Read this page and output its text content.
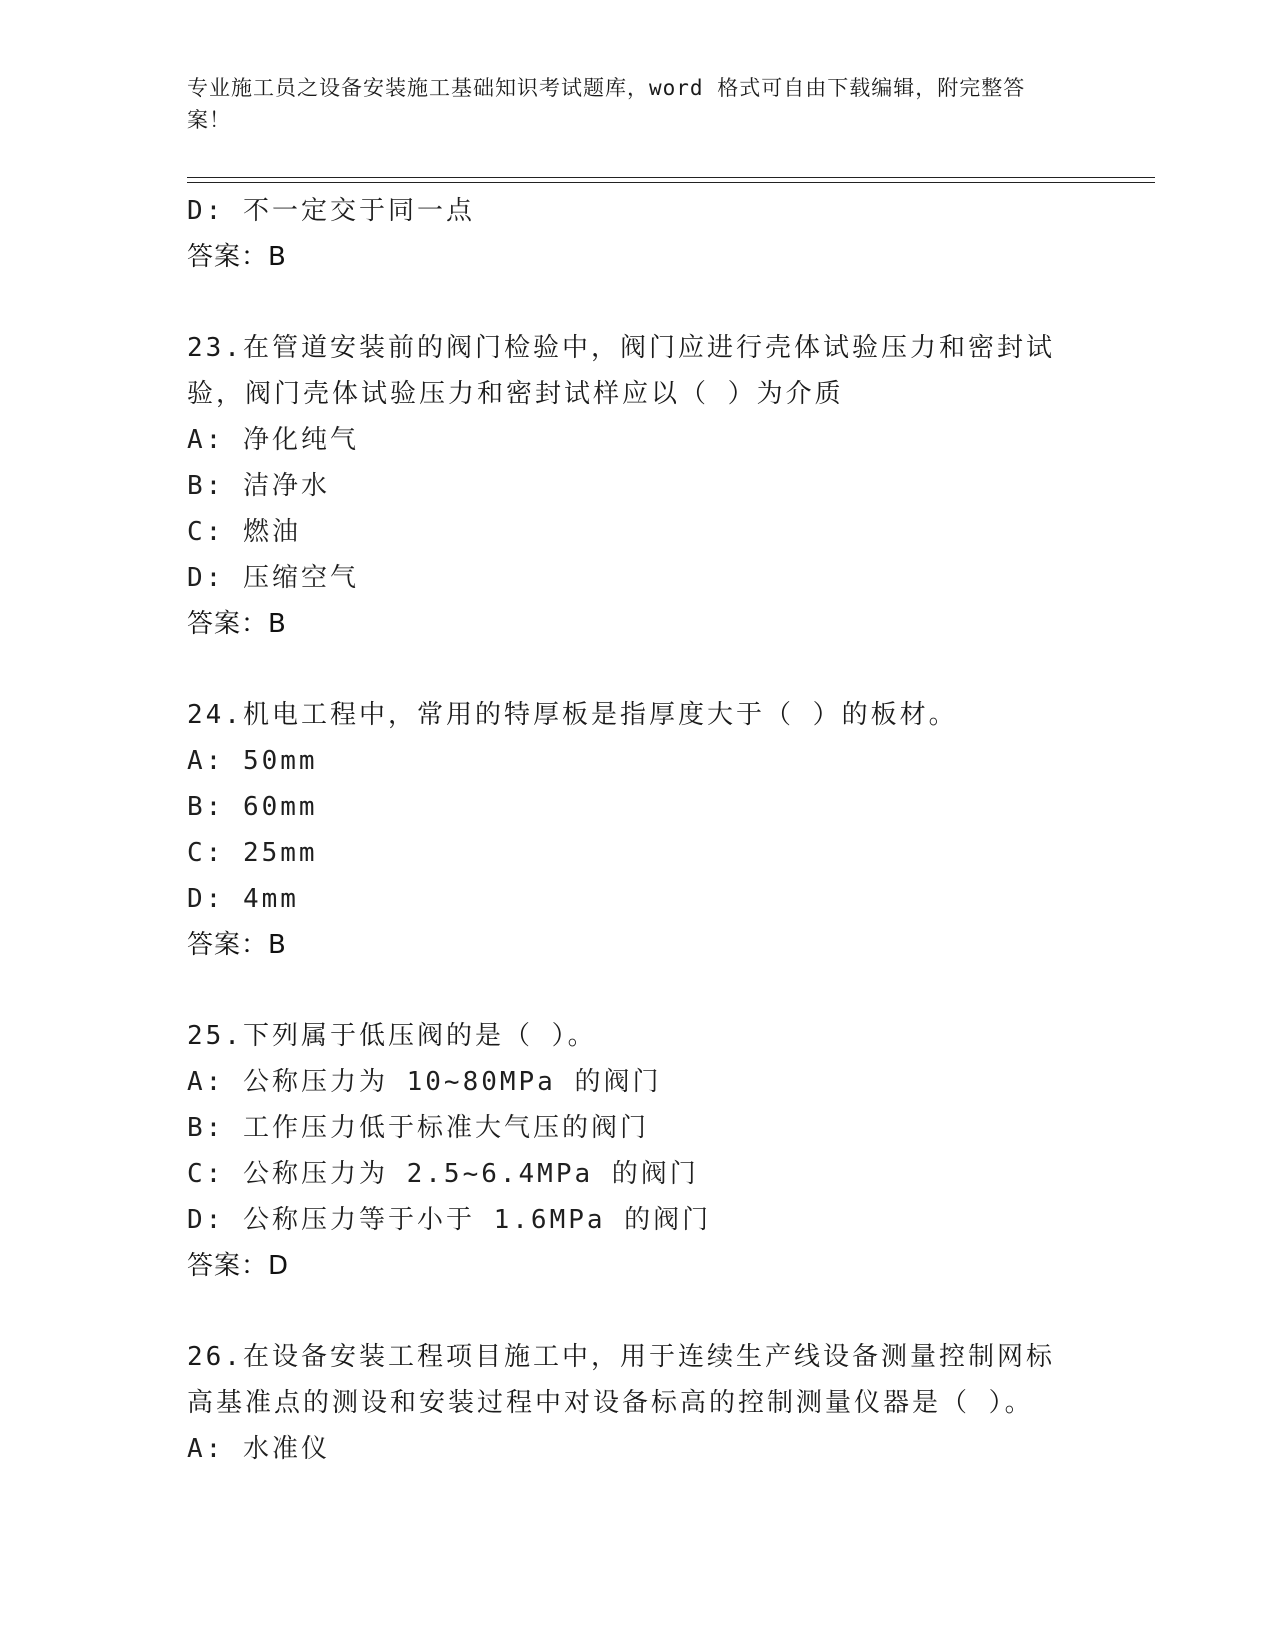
专业施工员之设备安装施工基础知识考试题库，word 格式可自由下载编辑，附完整答案！
D: 不一定交于同一点
答案：B
23.在管道安装前的阀门检验中，阀门应进行壳体试验压力和密封试验，阀门壳体试验压力和密封试样应以（ ）为介质
A: 净化纯气
B: 洁净水
C: 燃油
D: 压缩空气
答案：B
24.机电工程中，常用的特厚板是指厚度大于（ ）的板材。
A: 50mm
B: 60mm
C: 25mm
D: 4mm
答案：B
25.下列属于低压阀的是（ ）。
A: 公称压力为 10~80MPa 的阀门
B: 工作压力低于标准大气压的阀门
C: 公称压力为 2.5~6.4MPa 的阀门
D: 公称压力等于小于 1.6MPa 的阀门
答案：D
26.在设备安装工程项目施工中，用于连续生产线设备测量控制网标高基准点的测设和安装过程中对设备标高的控制测量仪器是（ ）。
A: 水准仪
